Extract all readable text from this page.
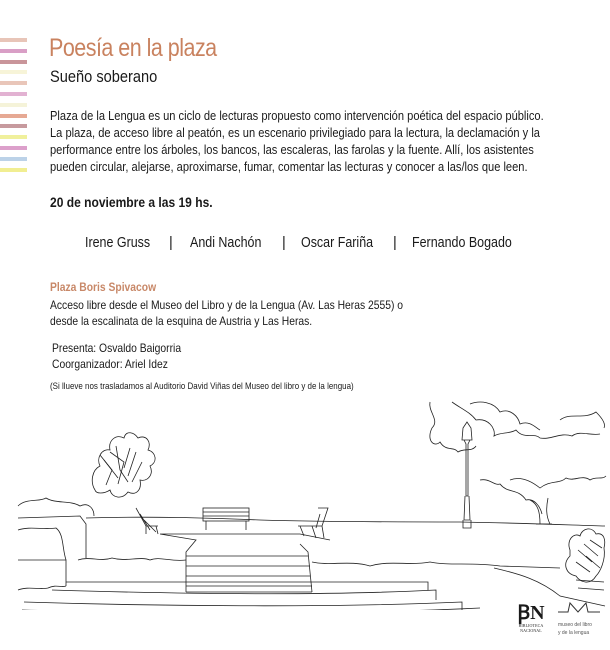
Poesía en la plaza
Sueño soberano

Plaza de la Lengua es un ciclo de lecturas propuesto como intervención poética del espacio público.

La plaza, de acceso libre al peatón, es un escenario privilegiado para la lectura, la declamación y la

performance entre los árboles, los bancos, las escaleras, las farolas y la fuente. Allí, los asistentes

pueden circular, alejarse, aproximarse, fumar, comentar las lecturas y conocer a las/los que leen.

20 de noviembre a las 19 hs.
Irene Gruss | Andi Nachón | Oscar Fariña | Fernando Bogado
Plaza Boris Spivacow

Acceso libre desde el Museo del Libro y de la Lengua (Av. Las Heras 2555) o

desde la escalinata de la esquina de Austria y Las Heras.

Presenta: Osvaldo Baigorria

Coorganizador: Ariel Idez

(Si llueve nos trasladamos al Auditorio David Viñas del Museo del libro y de la lengua)
ꞴN
BIBLIOTECA
NACIONAL
museo del libro
y de la lengua
